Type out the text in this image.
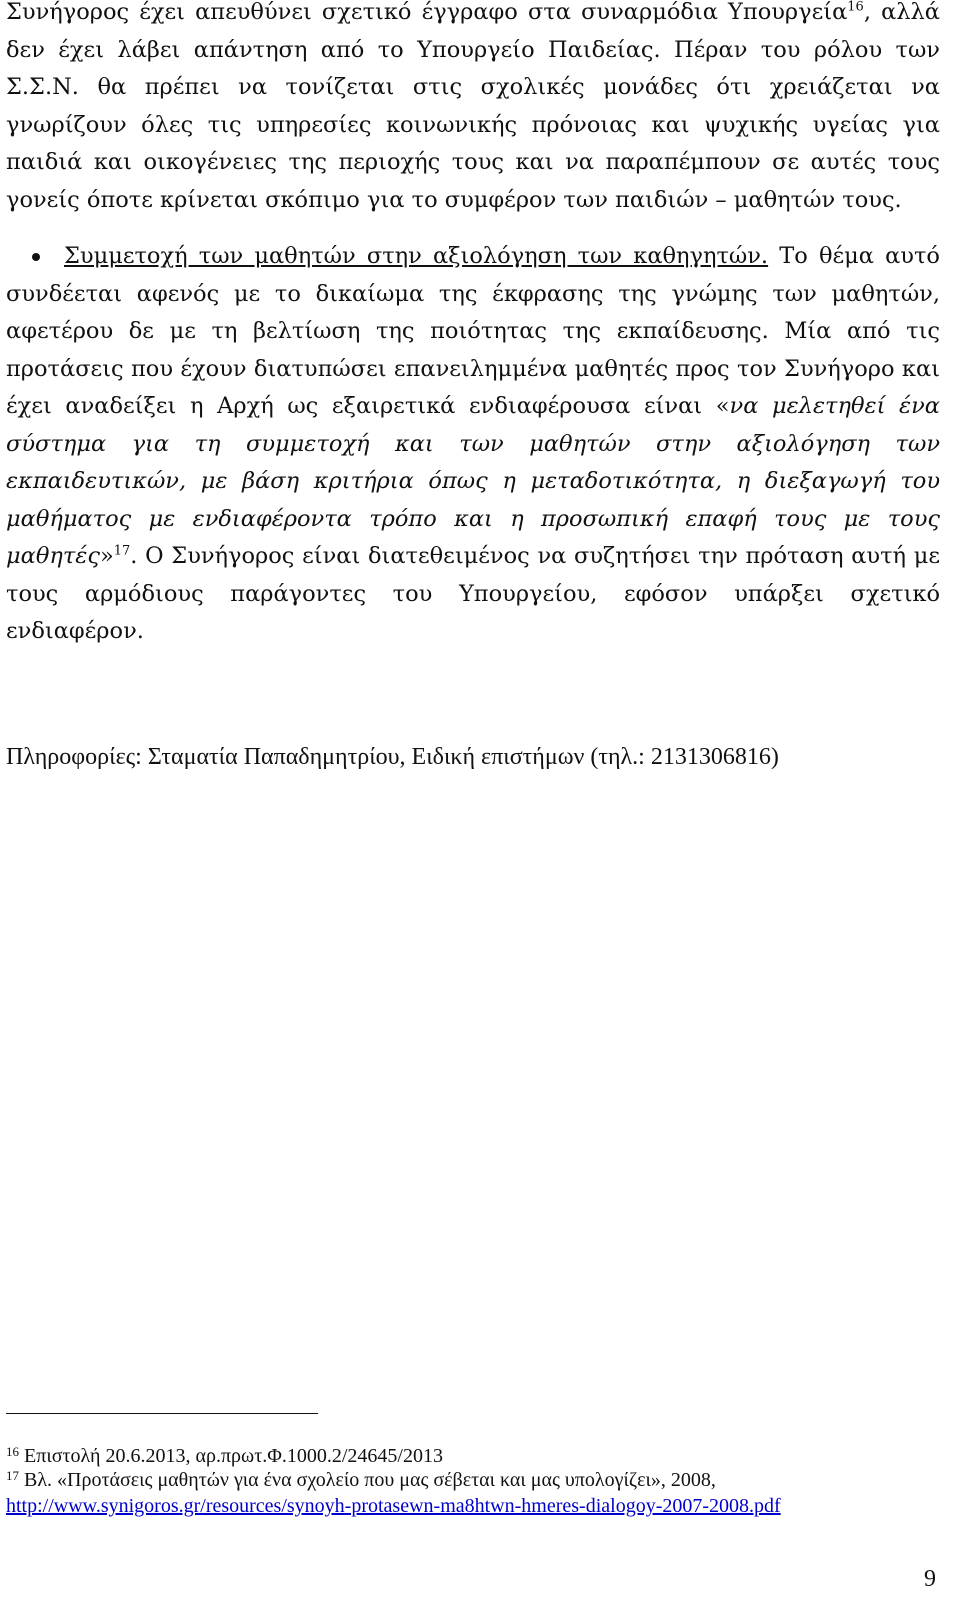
Συνήγορος έχει απευθύνει σχετικό έγγραφο στα συναρμόδια Υπουργεία$^{16}$, αλλά δεν έχει λάβει απάντηση από το Υπουργείο Παιδείας. Πέραν του ρόλου των Σ.Σ.Ν. θα πρέπει να τονίζεται στις σχολικές μονάδες ότι χρειάζεται να γνωρίζουν όλες τις υπηρεσίες κοινωνικής πρόνοιας και ψυχικής υγείας για παιδιά και οικογένειες της περιοχής τους και να παραπέμπουν σε αυτές τους γονείς όποτε κρίνεται σκόπιμο για το συμφέρον των παιδιών – μαθητών τους.
Συμμετοχή των μαθητών στην αξιολόγηση των καθηγητών. Το θέμα αυτό συνδέεται αφενός με το δικαίωμα της έκφρασης της γνώμης των μαθητών, αφετέρου δε με τη βελτίωση της ποιότητας της εκπαίδευσης. Μία από τις προτάσεις που έχουν διατυπώσει επανειλημμένα μαθητές προς τον Συνήγορο και έχει αναδείξει η Αρχή ως εξαιρετικά ενδιαφέρουσα είναι «να μελετηθεί ένα σύστημα για τη συμμετοχή και των μαθητών στην αξιολόγηση των εκπαιδευτικών, με βάση κριτήρια όπως η μεταδοτικότητα, η διεξαγωγή του μαθήματος με ενδιαφέροντα τρόπο και η προσωπική επαφή τους με τους μαθητές»$^{17}$. Ο Συνήγορος είναι διατεθειμένος να συζητήσει την πρόταση αυτή με τους αρμόδιους παράγοντες του Υπουργείου, εφόσον υπάρξει σχετικό ενδιαφέρον.
Πληροφορίες: Σταματία Παπαδημητρίου, Ειδική επιστήμων (τηλ.: 2131306816)
$^{16}$ Επιστολή 20.6.2013, αρ.πρωτ.Φ.1000.2/24645/2013
$^{17}$ Βλ. «Προτάσεις μαθητών για ένα σχολείο που μας σέβεται και μας υπολογίζει», 2008,
http://www.synigoros.gr/resources/synoyh-protasewn-ma8htwn-hmeres-dialogoy-2007-2008.pdf
9
